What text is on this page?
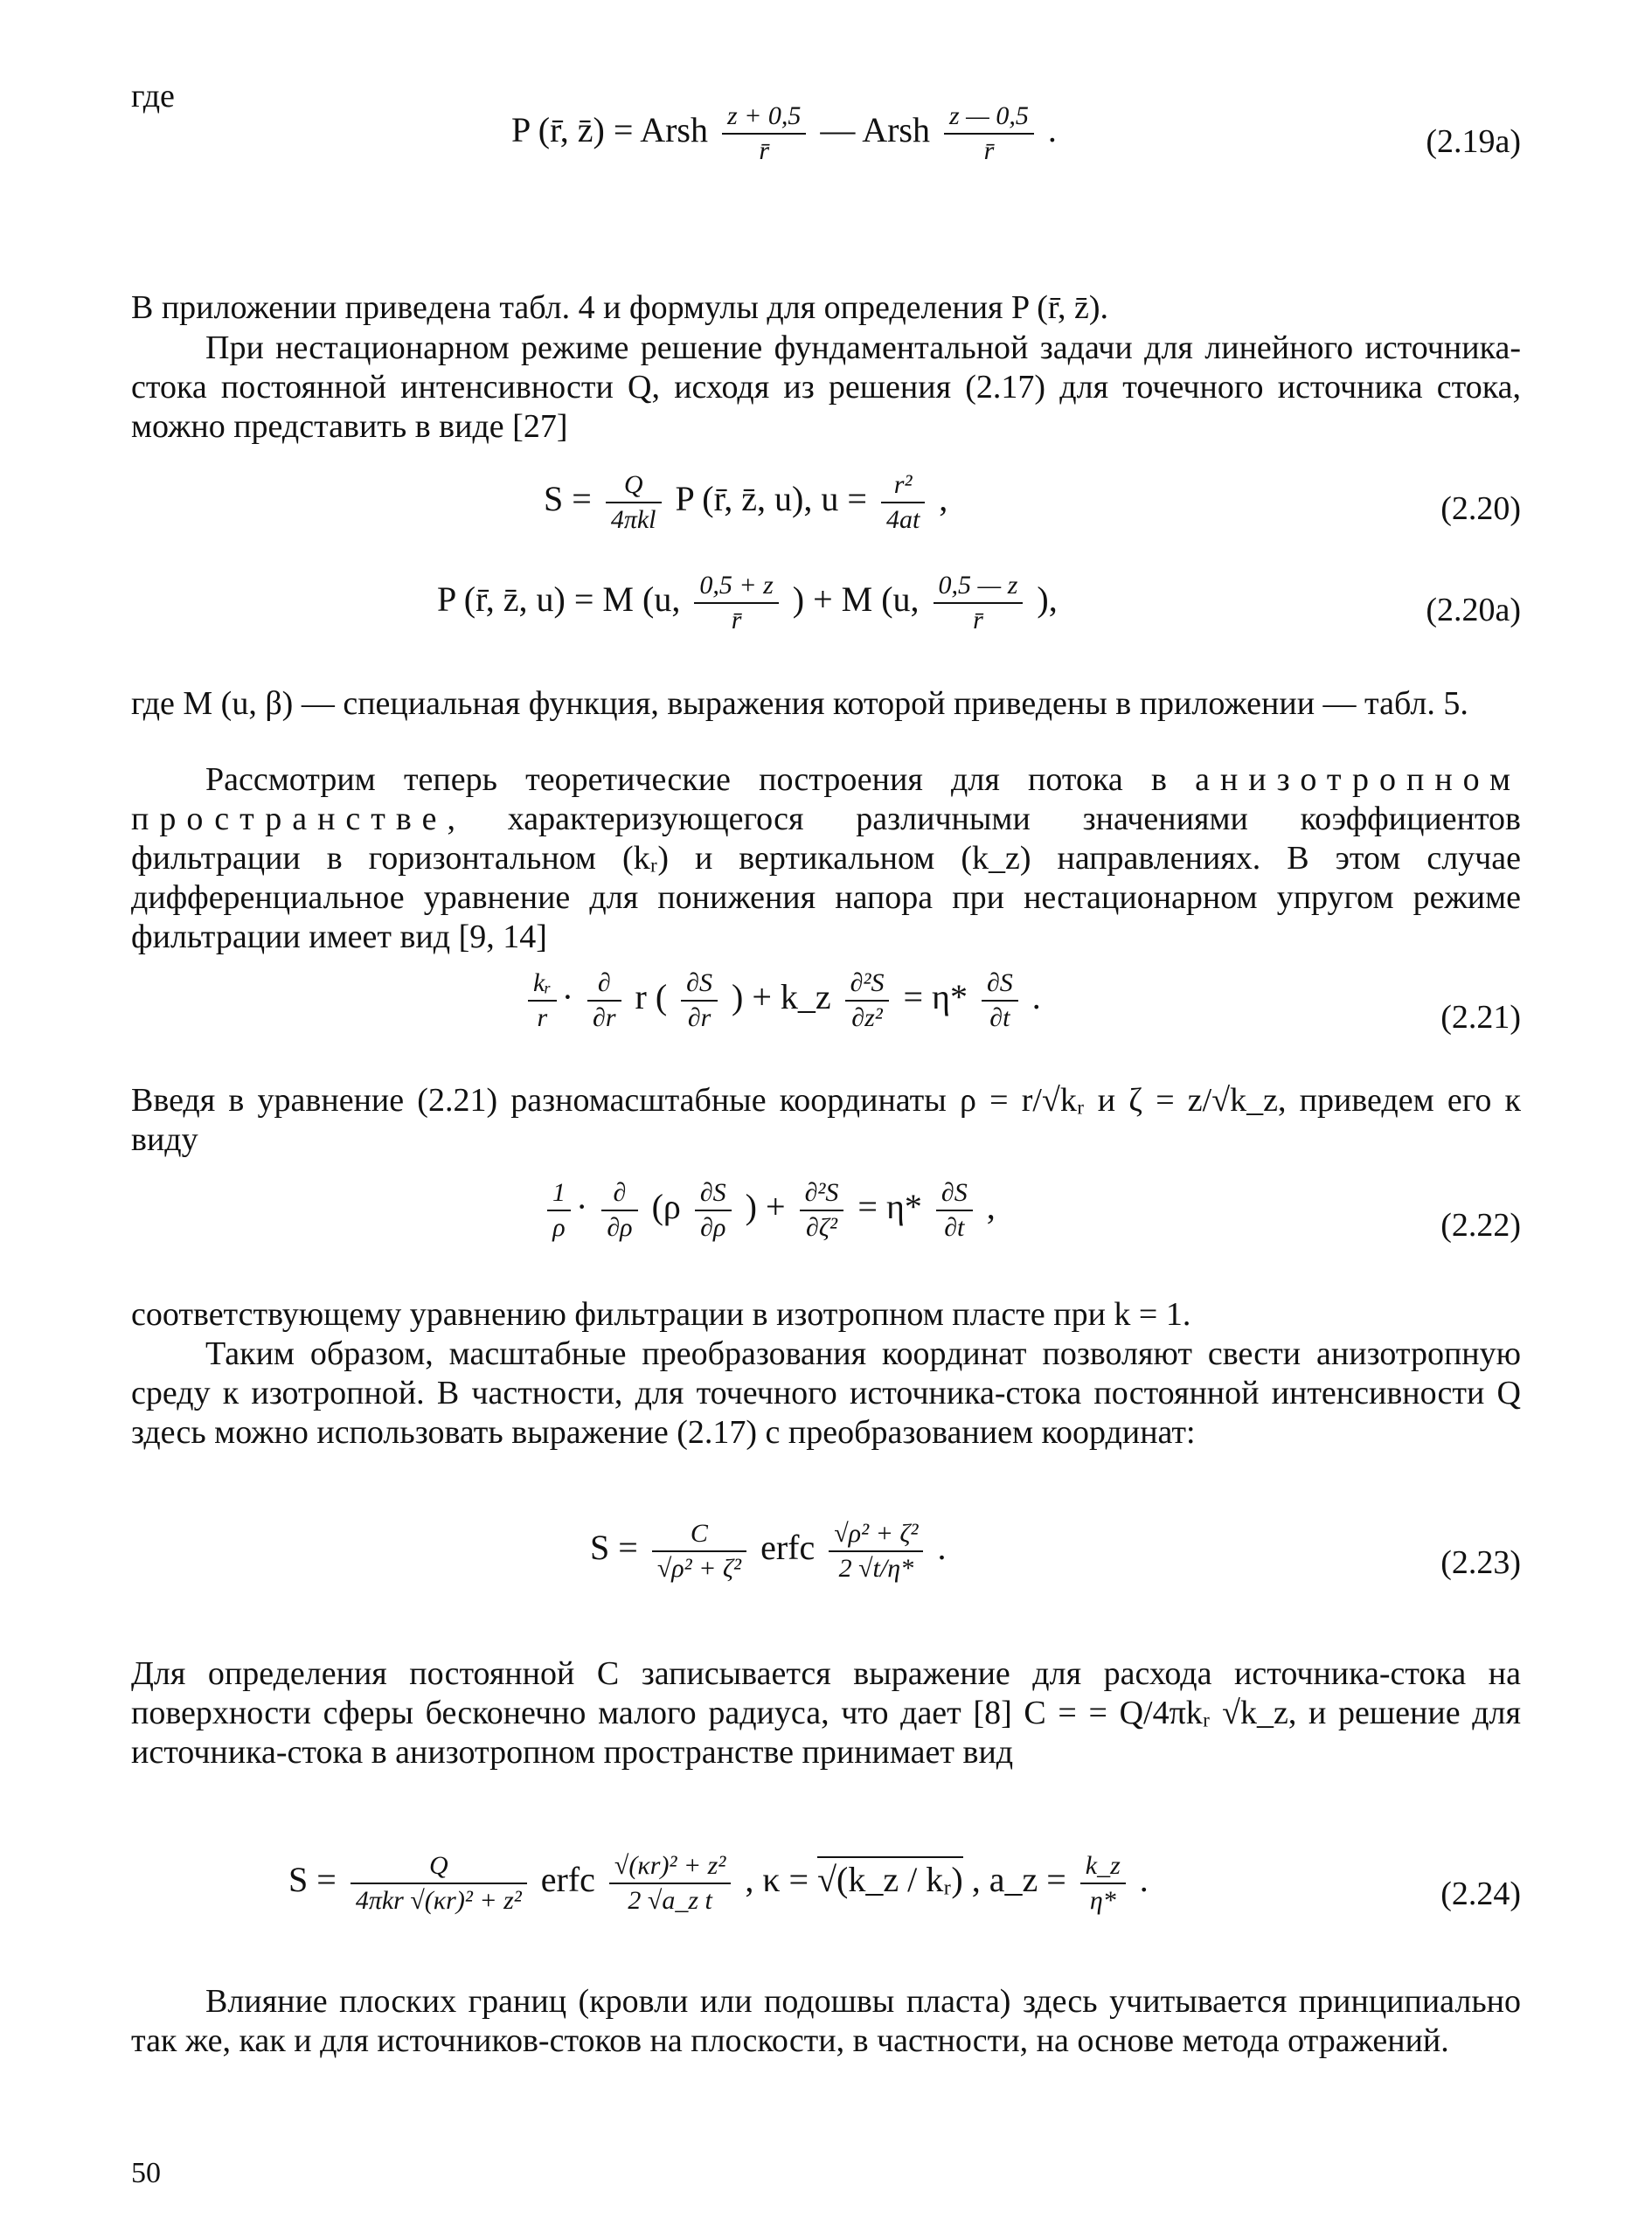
где

P (r̄, z̄) = Arsh $\frac{z + 0,5}{r̄}$ — Arsh $\frac{z — 0,5}{r̄}$ .	(2.19a)

В приложении приведена табл. 4 и формулы для определения P (r̄, z̄).

При нестационарном режиме решение фундаментальной задачи для линейного источника-стока постоянной интенсивности Q, исходя из решения (2.17) для точечного источника стока, можно представить в виде [27]

$S = \frac{Q}{\text{4πkl}}$ P (r̄, z̄, u), $u = \frac{\text{r²}}{4at}$ ,	(2.20)
P (r̄, z̄, u) = M (u, $\frac{0,5 + z}{r̄}$ ) + M (u, $\frac{0,5 — z}{r̄}$ ),	(2.20a)

где M (u, β) — специальная функция, выражения которой приведены в приложении — табл. 5.

Рассмотрим теперь теоретические построения для потока в анизотропном пространстве, характеризующегося различными значениями коэффициентов фильтрации в горизонтальном (kᵣ) и вертикальном (k_z) направлениях. В этом случае дифференциальное уравнение для понижения напора при нестационарном упругом режиме фильтрации имеет вид [9, 14]

$\frac{\text{kᵣ}}{r} \cdot \frac{\partial}{\partial r}$ r ( $\frac{\partial S}{\partial r}$ ) + k_z $\frac{\text{∂²S}}{\text{∂z²}} = \eta* \frac{\partial S}{\partial t}$ .
(2.21)

Введя в уравнение (2.21) разномасштабные координаты ρ = r/√kᵣ и ζ = z/√k_z, приведем его к виду

$\frac{1}{\rho} \cdot \frac{\partial}{\partial\rho} (\rho \frac{\partial S}{\partial\rho}$ ) + $\frac{\text{∂²S}}{\text{∂ζ²}} = \eta* \frac{\partial S}{\partial t}$ ,	(2.22)

соответствующему уравнению фильтрации в изотропном пласте при k = 1.

Таким образом, масштабные преобразования координат позволяют свести анизотропную среду к изотропной. В частности, для точечного источника-стока постоянной интенсивности Q здесь можно использовать выражение (2.17) с преобразованием координат:

$S = \frac{C}{\text{√ρ² + ζ²}}$ erfc $\frac{\text{√ρ² + ζ²}}{2 √t/\eta*}$ .	(2.23)

Для определения постоянной C записывается выражение для расхода источника-стока на поверхности сферы бесконечно малого радиуса, что дает [8] C = = Q/4πkᵣ √k_z, и решение для источника-стока в анизотропном пространстве принимает вид

$S = \frac{Q}{\text{4πkr √(κr)² + z²}}$ erfc $\frac{\text{√(κr)² + z²}}{\text{2 √a\_z t}}$ , κ = √(k_z / kᵣ) , a_z = $\frac{k\_z}{\eta*}$ .	(2.24)

Влияние плоских границ (кровли или подошвы пласта) здесь учитывается принципиально так же, как и для источников-стоков на плоскости, в частности, на основе метода отражений.

50
